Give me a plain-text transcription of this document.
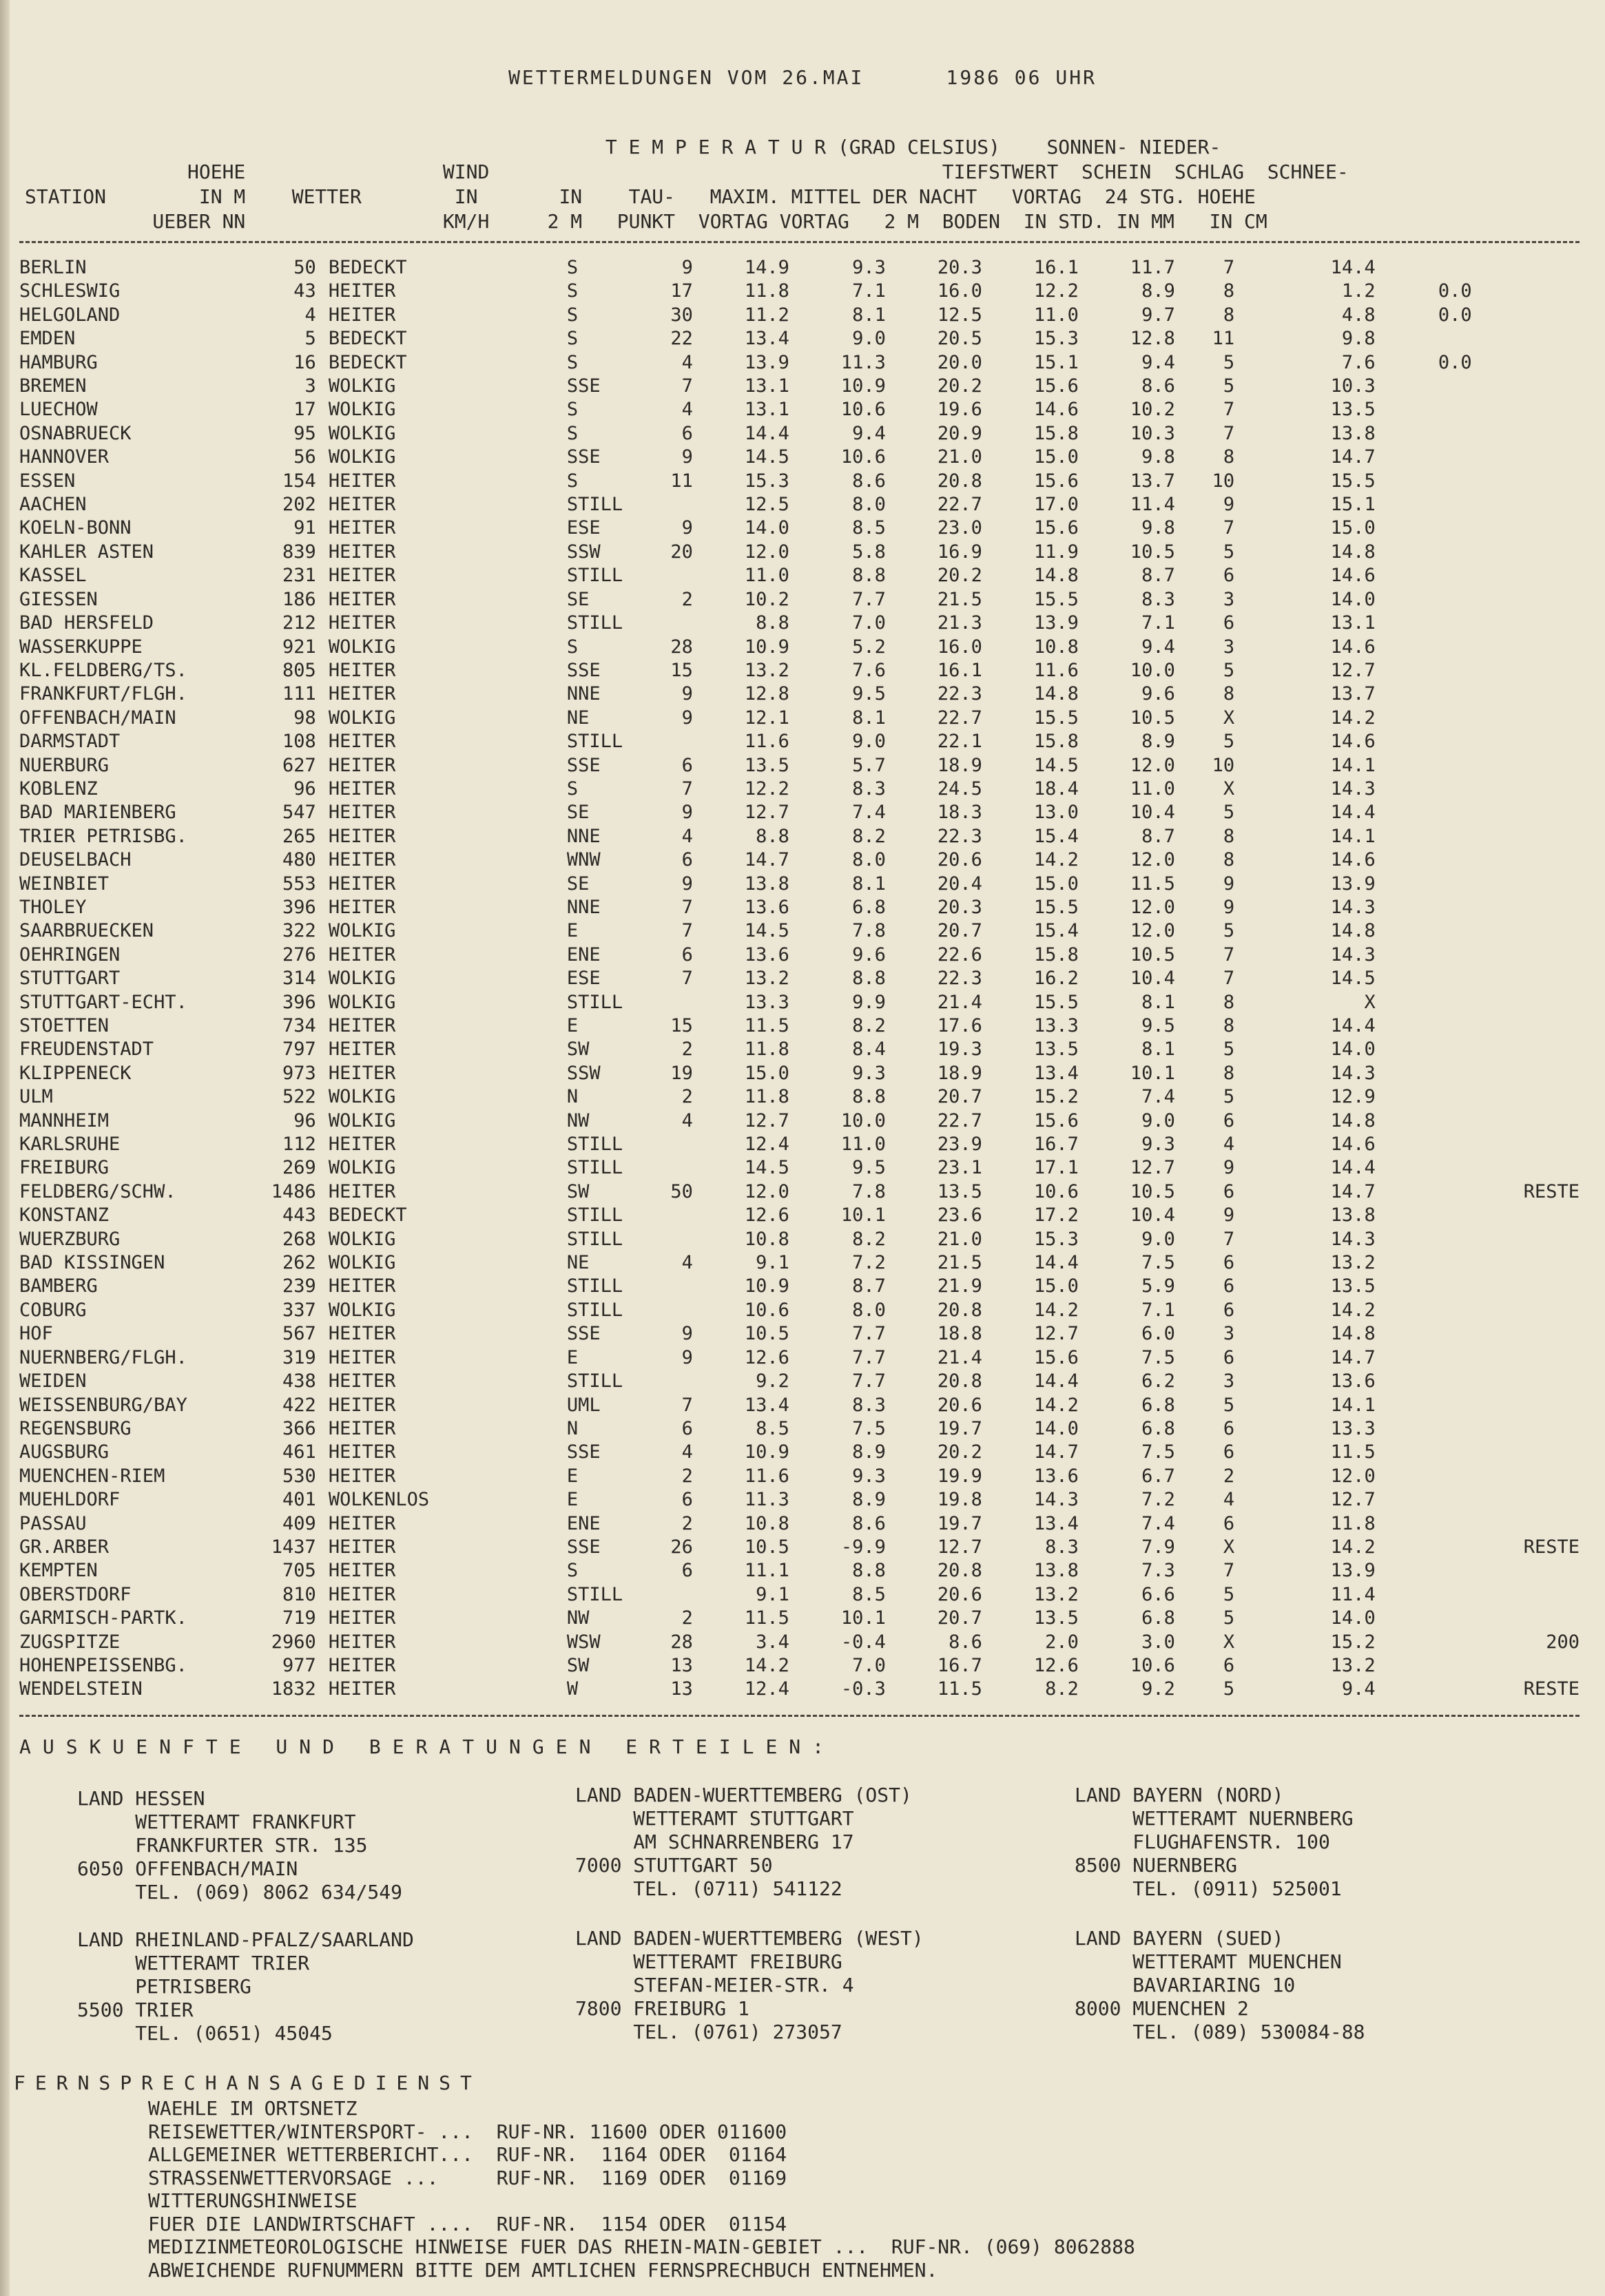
WETTERMELDUNGEN VOM 26.MAI      1986 06 UHR
T E M P E R A T U R (GRAD CELSIUS)    SONNEN- NIEDER-
HOEHE                 WIND                                       TIEFSTWERT  SCHEIN  SCHLAG  SCHNEE-
STATION        IN M    WETTER        IN       IN    TAU-   MAXIM. MITTEL DER NACHT   VORTAG  24 STG. HOEHE
UEBER NN                 KM/H     2 M   PUNKT  VORTAG VORTAG   2 M  BODEN  IN STD. IN MM   IN CM
BERLIN	50	BEDECKT	S	9	14.9	9.3	20.3	16.1	11.7	7	14.4		
SCHLESWIG	43	HEITER	S	17	11.8	7.1	16.0	12.2	8.9	8	1.2	0.0	
HELGOLAND	4	HEITER	S	30	11.2	8.1	12.5	11.0	9.7	8	4.8	0.0	
EMDEN	5	BEDECKT	S	22	13.4	9.0	20.5	15.3	12.8	11	9.8		
HAMBURG	16	BEDECKT	S	4	13.9	11.3	20.0	15.1	9.4	5	7.6	0.0	
BREMEN	3	WOLKIG	SSE	7	13.1	10.9	20.2	15.6	8.6	5	10.3		
LUECHOW	17	WOLKIG	S	4	13.1	10.6	19.6	14.6	10.2	7	13.5		
OSNABRUECK	95	WOLKIG	S	6	14.4	9.4	20.9	15.8	10.3	7	13.8		
HANNOVER	56	WOLKIG	SSE	9	14.5	10.6	21.0	15.0	9.8	8	14.7		
ESSEN	154	HEITER	S	11	15.3	8.6	20.8	15.6	13.7	10	15.5		
AACHEN	202	HEITER	STILL		12.5	8.0	22.7	17.0	11.4	9	15.1		
KOELN-BONN	91	HEITER	ESE	9	14.0	8.5	23.0	15.6	9.8	7	15.0		
KAHLER ASTEN	839	HEITER	SSW	20	12.0	5.8	16.9	11.9	10.5	5	14.8		
KASSEL	231	HEITER	STILL		11.0	8.8	20.2	14.8	8.7	6	14.6		
GIESSEN	186	HEITER	SE	2	10.2	7.7	21.5	15.5	8.3	3	14.0		
BAD HERSFELD	212	HEITER	STILL		8.8	7.0	21.3	13.9	7.1	6	13.1		
WASSERKUPPE	921	WOLKIG	S	28	10.9	5.2	16.0	10.8	9.4	3	14.6		
KL.FELDBERG/TS.	805	HEITER	SSE	15	13.2	7.6	16.1	11.6	10.0	5	12.7		
FRANKFURT/FLGH.	111	HEITER	NNE	9	12.8	9.5	22.3	14.8	9.6	8	13.7		
OFFENBACH/MAIN	98	WOLKIG	NE	9	12.1	8.1	22.7	15.5	10.5	X	14.2		
DARMSTADT	108	HEITER	STILL		11.6	9.0	22.1	15.8	8.9	5	14.6		
NUERBURG	627	HEITER	SSE	6	13.5	5.7	18.9	14.5	12.0	10	14.1		
KOBLENZ	96	HEITER	S	7	12.2	8.3	24.5	18.4	11.0	X	14.3		
BAD MARIENBERG	547	HEITER	SE	9	12.7	7.4	18.3	13.0	10.4	5	14.4		
TRIER PETRISBG.	265	HEITER	NNE	4	8.8	8.2	22.3	15.4	8.7	8	14.1		
DEUSELBACH	480	HEITER	WNW	6	14.7	8.0	20.6	14.2	12.0	8	14.6		
WEINBIET	553	HEITER	SE	9	13.8	8.1	20.4	15.0	11.5	9	13.9		
THOLEY	396	HEITER	NNE	7	13.6	6.8	20.3	15.5	12.0	9	14.3		
SAARBRUECKEN	322	WOLKIG	E	7	14.5	7.8	20.7	15.4	12.0	5	14.8		
OEHRINGEN	276	HEITER	ENE	6	13.6	9.6	22.6	15.8	10.5	7	14.3		
STUTTGART	314	WOLKIG	ESE	7	13.2	8.8	22.3	16.2	10.4	7	14.5		
STUTTGART-ECHT.	396	WOLKIG	STILL		13.3	9.9	21.4	15.5	8.1	8	X		
STOETTEN	734	HEITER	E	15	11.5	8.2	17.6	13.3	9.5	8	14.4		
FREUDENSTADT	797	HEITER	SW	2	11.8	8.4	19.3	13.5	8.1	5	14.0		
KLIPPENECK	973	HEITER	SSW	19	15.0	9.3	18.9	13.4	10.1	8	14.3		
ULM	522	WOLKIG	N	2	11.8	8.8	20.7	15.2	7.4	5	12.9		
MANNHEIM	96	WOLKIG	NW	4	12.7	10.0	22.7	15.6	9.0	6	14.8		
KARLSRUHE	112	HEITER	STILL		12.4	11.0	23.9	16.7	9.3	4	14.6		
FREIBURG	269	WOLKIG	STILL		14.5	9.5	23.1	17.1	12.7	9	14.4		
FELDBERG/SCHW.	1486	HEITER	SW	50	12.0	7.8	13.5	10.6	10.5	6	14.7		RESTE
KONSTANZ	443	BEDECKT	STILL		12.6	10.1	23.6	17.2	10.4	9	13.8		
WUERZBURG	268	WOLKIG	STILL		10.8	8.2	21.0	15.3	9.0	7	14.3		
BAD KISSINGEN	262	WOLKIG	NE	4	9.1	7.2	21.5	14.4	7.5	6	13.2		
BAMBERG	239	HEITER	STILL		10.9	8.7	21.9	15.0	5.9	6	13.5		
COBURG	337	WOLKIG	STILL		10.6	8.0	20.8	14.2	7.1	6	14.2		
HOF	567	HEITER	SSE	9	10.5	7.7	18.8	12.7	6.0	3	14.8		
NUERNBERG/FLGH.	319	HEITER	E	9	12.6	7.7	21.4	15.6	7.5	6	14.7		
WEIDEN	438	HEITER	STILL		9.2	7.7	20.8	14.4	6.2	3	13.6		
WEISSENBURG/BAY	422	HEITER	UML	7	13.4	8.3	20.6	14.2	6.8	5	14.1		
REGENSBURG	366	HEITER	N	6	8.5	7.5	19.7	14.0	6.8	6	13.3		
AUGSBURG	461	HEITER	SSE	4	10.9	8.9	20.2	14.7	7.5	6	11.5		
MUENCHEN-RIEM	530	HEITER	E	2	11.6	9.3	19.9	13.6	6.7	2	12.0		
MUEHLDORF	401	WOLKENLOS	E	6	11.3	8.9	19.8	14.3	7.2	4	12.7		
PASSAU	409	HEITER	ENE	2	10.8	8.6	19.7	13.4	7.4	6	11.8		
GR.ARBER	1437	HEITER	SSE	26	10.5	-9.9	12.7	8.3	7.9	X	14.2		RESTE
KEMPTEN	705	HEITER	S	6	11.1	8.8	20.8	13.8	7.3	7	13.9		
OBERSTDORF	810	HEITER	STILL		9.1	8.5	20.6	13.2	6.6	5	11.4		
GARMISCH-PARTK.	719	HEITER	NW	2	11.5	10.1	20.7	13.5	6.8	5	14.0		
ZUGSPITZE	2960	HEITER	WSW	28	3.4	-0.4	8.6	2.0	3.0	X	15.2		200
HOHENPEISSENBG.	977	HEITER	SW	13	14.2	7.0	16.7	12.6	10.6	6	13.2		
WENDELSTEIN	1832	HEITER	W	13	12.4	-0.3	11.5	8.2	9.2	5	9.4		RESTE
AUSKUENFTE UND BERATUNGEN ERTEILEN:
LAND HESSEN
WETTERAMT FRANKFURT
FRANKFURTER STR. 135
6050 OFFENBACH/MAIN
TEL. (069) 8062 634/549
LAND BADEN-WUERTTEMBERG (OST)
WETTERAMT STUTTGART
AM SCHNARRENBERG 17
7000 STUTTGART 50
TEL. (0711) 541122
LAND BAYERN (NORD)
WETTERAMT NUERNBERG
FLUGHAFENSTR. 100
8500 NUERNBERG
TEL. (0911) 525001
LAND RHEINLAND-PFALZ/SAARLAND
WETTERAMT TRIER
PETRISBERG
5500 TRIER
TEL. (0651) 45045
LAND BADEN-WUERTTEMBERG (WEST)
WETTERAMT FREIBURG
STEFAN-MEIER-STR. 4
7800 FREIBURG 1
TEL. (0761) 273057
LAND BAYERN (SUED)
WETTERAMT MUENCHEN
BAVARIARING 10
8000 MUENCHEN 2
TEL. (089) 530084-88
FERNSPRECHANSAGEDIENST
WAEHLE IM ORTSNETZ
REISEWETTER/WINTERSPORT- ...  RUF-NR. 11600 ODER 011600
ALLGEMEINER WETTERBERICHT...  RUF-NR.  1164 ODER  01164
STRASSENWETTERVORSAGE ...     RUF-NR.  1169 ODER  01169
WITTERUNGSHINWEISE
FUER DIE LANDWIRTSCHAFT ....  RUF-NR.  1154 ODER  01154
MEDIZINMETEOROLOGISCHE HINWEISE FUER DAS RHEIN-MAIN-GEBIET ...  RUF-NR. (069) 8062888
ABWEICHENDE RUFNUMMERN BITTE DEM AMTLICHEN FERNSPRECHBUCH ENTNEHMEN.
